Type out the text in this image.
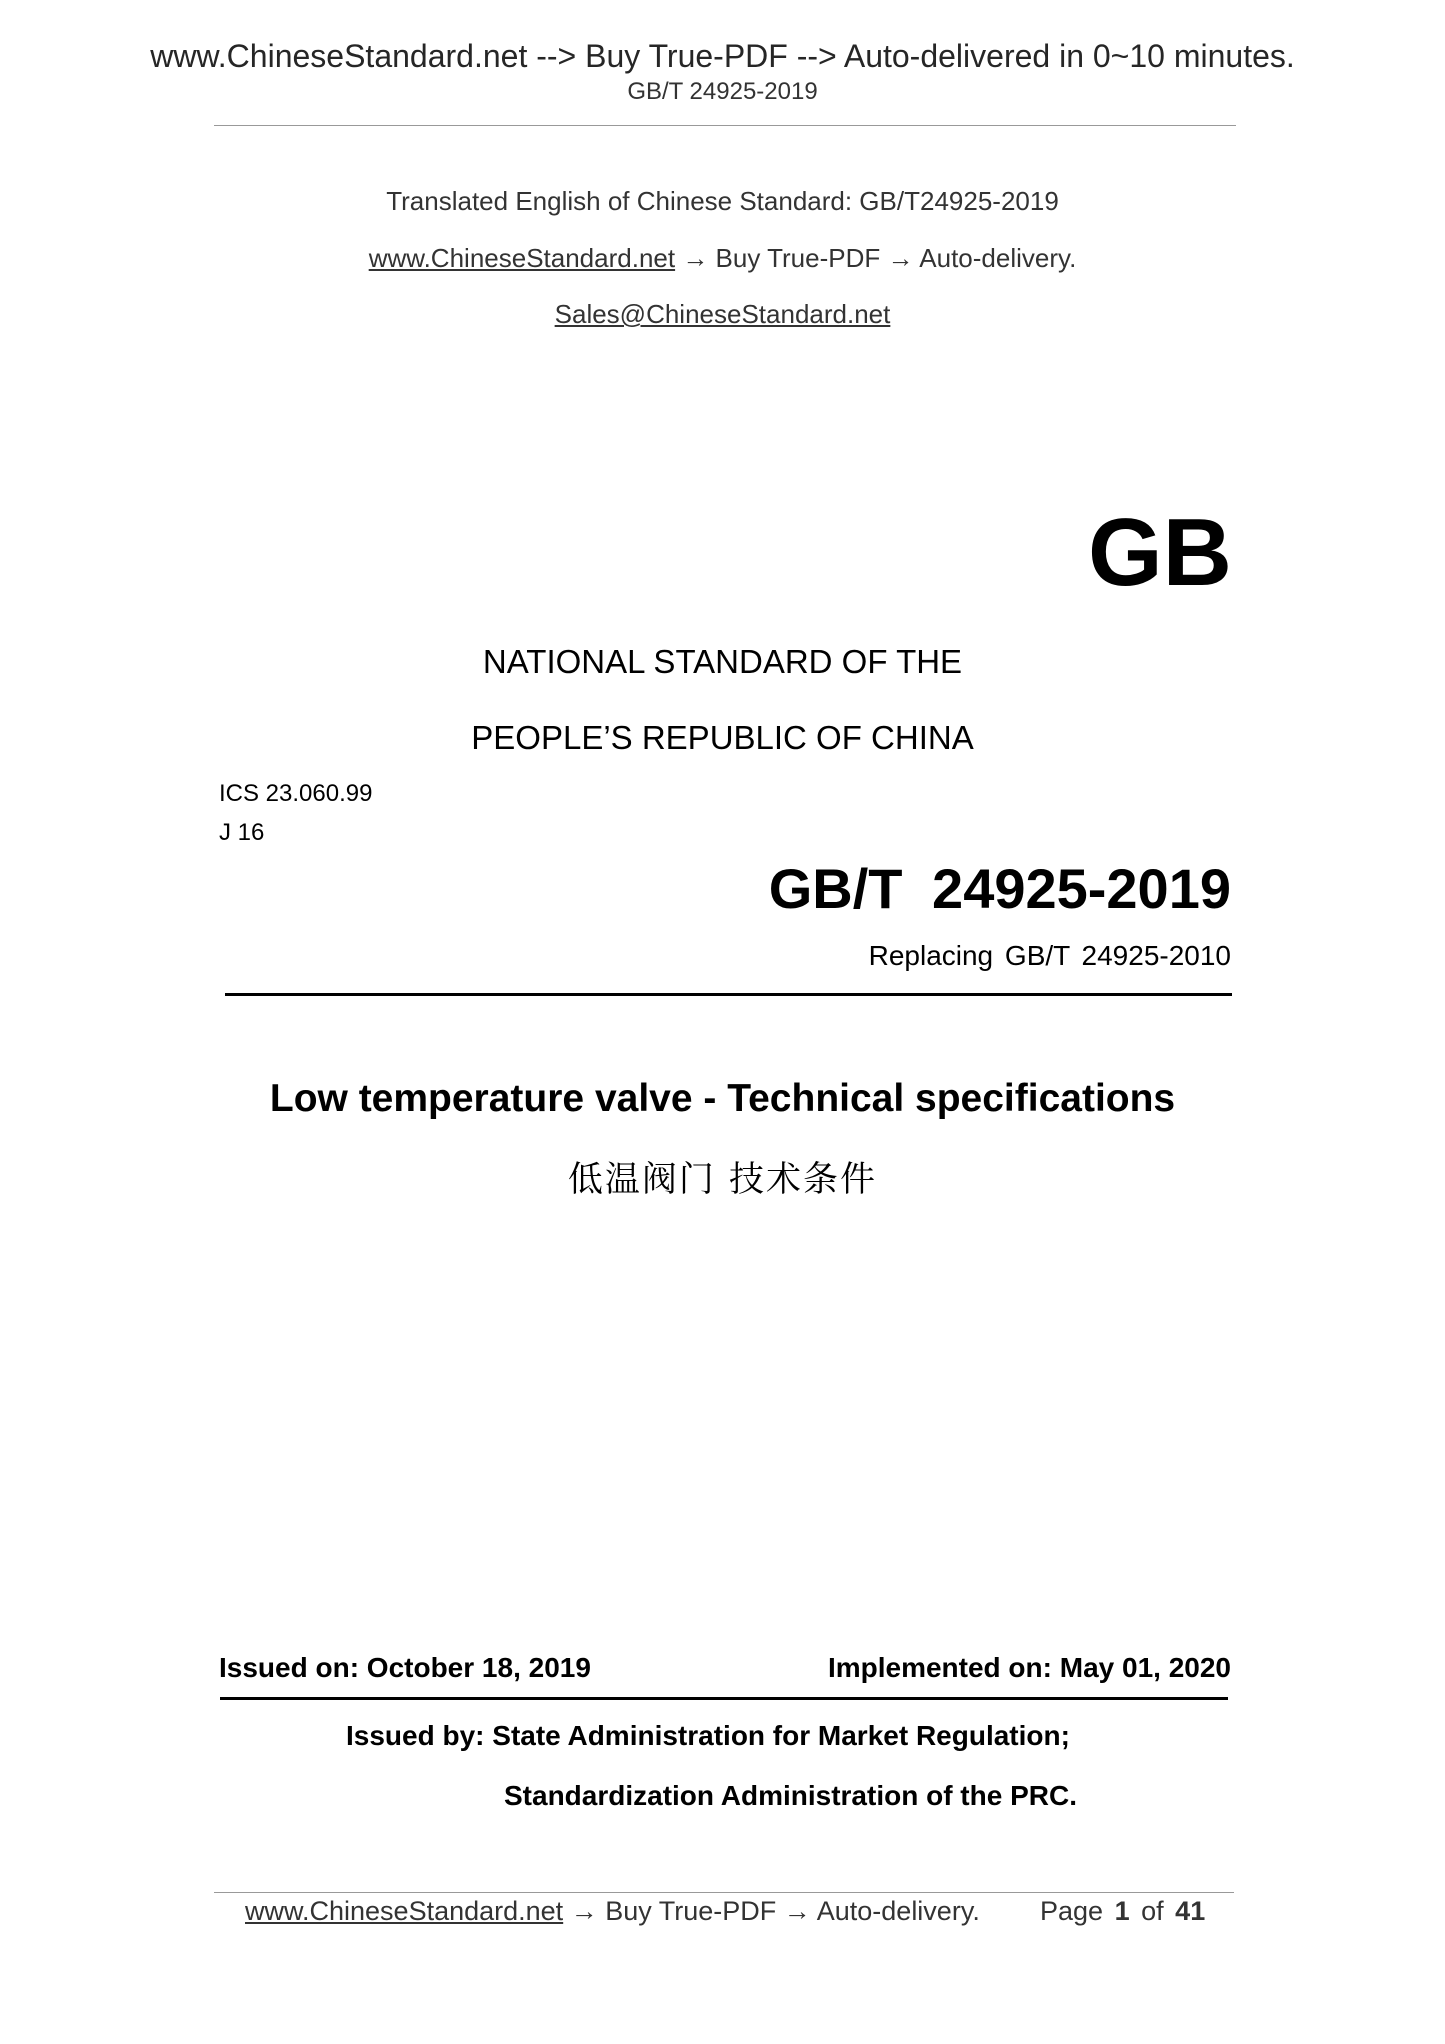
www.ChineseStandard.net --> Buy True-PDF --> Auto-delivered in 0~10 minutes.
GB/T 24925-2019
Translated English of Chinese Standard: GB/T24925-2019
www.ChineseStandard.net → Buy True-PDF → Auto-delivery.
Sales@ChineseStandard.net
GB
NATIONAL STANDARD OF THE
PEOPLE’S REPUBLIC OF CHINA
ICS 23.060.99
J 16
GB/T 24925-2019
Replacing GB/T 24925-2010
Low temperature valve - Technical specifications
低温阀门 技术条件
Issued on: October 18, 2019	Implemented on: May 01, 2020
Issued by: State Administration for Market Regulation;
Standardization Administration of the PRC.
www.ChineseStandard.net → Buy True-PDF → Auto-delivery. Page 1 of 41
